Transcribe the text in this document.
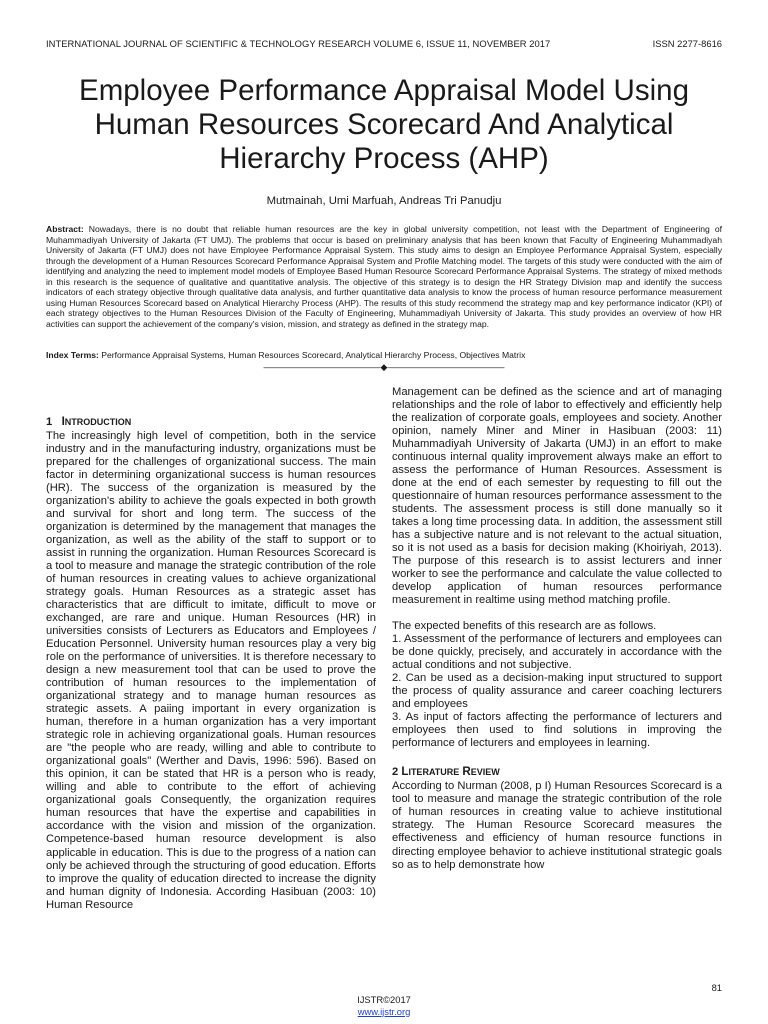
INTERNATIONAL JOURNAL OF SCIENTIFIC & TECHNOLOGY RESEARCH VOLUME 6, ISSUE 11, NOVEMBER 2017	ISSN 2277-8616
Employee Performance Appraisal Model Using
Human Resources Scorecard And Analytical
Hierarchy Process (AHP)
Mutmainah, Umi Marfuah, Andreas Tri Panudju

Abstract: Nowadays, there is no doubt that reliable human resources are the key in global university competition, not least with the Department of Engineering of Muhammadiyah University of Jakarta (FT UMJ). The problems that occur is based on preliminary analysis that has been known that Faculty of Engineering Muhammadiyah University of Jakarta (FT UMJ) does not have Employee Performance Appraisal System. This study aims to design an Employee Performance Appraisal System, especially through the development of a Human Resources Scorecard Performance Appraisal System and Profile Matching model. The targets of this study were conducted with the aim of identifying and analyzing the need to implement model models of Employee Based Human Resource Scorecard Performance Appraisal Systems. The strategy of mixed methods in this research is the sequence of qualitative and quantitative analysis. The objective of this strategy is to design the HR Strategy Division map and identify the success indicators of each strategy objective through qualitative data analysis, and further quantitative data analysis to know the process of human resource performance measurement using Human Resources Scorecard based on Analytical Hierarchy Process (AHP). The results of this study recommend the strategy map and key performance indicator (KPI) of each strategy objectives to the Human Resources Division of the Faculty of Engineering, Muhammadiyah University of Jakarta. This study provides an overview of how HR activities can support the achievement of the company's vision, mission, and strategy as defined in the strategy map.

Index Terms: Performance Appraisal Systems, Human Resources Scorecard, Analytical Hierarchy Process, Objectives Matrix

—————————————◆—————————————
1 INTRODUCTION

The increasingly high level of competition, both in the service industry and in the manufacturing industry, organizations must be prepared for the challenges of organizational success. The main factor in determining organizational success is human resources (HR). The success of the organization is measured by the organization's ability to achieve the goals expected in both growth and survival for short and long term. The success of the organization is determined by the management that manages the organization, as well as the ability of the staff to support or to assist in running the organization. Human Resources Scorecard is a tool to measure and manage the strategic contribution of the role of human resources in creating values to achieve organizational strategy goals. Human Resources as a strategic asset has characteristics that are difficult to imitate, difficult to move or exchanged, are rare and unique. Human Resources (HR) in universities consists of Lecturers as Educators and Employees / Education Personnel. University human resources play a very big role on the performance of universities. It is therefore necessary to design a new measurement tool that can be used to prove the contribution of human resources to the implementation of organizational strategy and to manage human resources as strategic assets. A paiing important in every organization is human, therefore in a human organization has a very important strategic role in achieving organizational goals. Human resources are "the people who are ready, willing and able to contribute to organizational goals" (Werther and Davis, 1996: 596). Based on this opinion, it can be stated that HR is a person who is ready, willing and able to contribute to the effort of achieving organizational goals Consequently, the organization requires human resources that have the expertise and capabilities in accordance with the vision and mission of the organization. Competence-based human resource development is also applicable in education. This is due to the progress of a nation can only be achieved through the structuring of good education. Efforts to improve the quality of education directed to increase the dignity and human dignity of Indonesia. According Hasibuan (2003: 10) Human Resource

Management can be defined as the science and art of managing relationships and the role of labor to effectively and efficiently help the realization of corporate goals, employees and society. Another opinion, namely Miner and Miner in Hasibuan (2003: 11) Muhammadiyah University of Jakarta (UMJ) in an effort to make continuous internal quality improvement always make an effort to assess the performance of Human Resources. Assessment is done at the end of each semester by requesting to fill out the questionnaire of human resources performance assessment to the students. The assessment process is still done manually so it takes a long time processing data. In addition, the assessment still has a subjective nature and is not relevant to the actual situation, so it is not used as a basis for decision making (Khoiriyah, 2013). The purpose of this research is to assist lecturers and inner worker to see the performance and calculate the value collected to develop application of human resources performance measurement in realtime using method matching profile.

The expected benefits of this research are as follows.

1. Assessment of the performance of lecturers and employees can be done quickly, precisely, and accurately in accordance with the actual conditions and not subjective.

2. Can be used as a decision-making input structured to support the process of quality assurance and career coaching lecturers and employees

3. As input of factors affecting the performance of lecturers and employees then used to find solutions in improving the performance of lecturers and employees in learning.

2 LITERATURE REVIEW

According to Nurman (2008, p I) Human Resources Scorecard is a tool to measure and manage the strategic contribution of the role of human resources in creating value to achieve institutional strategy. The Human Resource Scorecard measures the effectiveness and efficiency of human resource functions in directing employee behavior to achieve institutional strategic goals so as to help demonstrate how

81
IJSTR©2017
www.ijstr.org
